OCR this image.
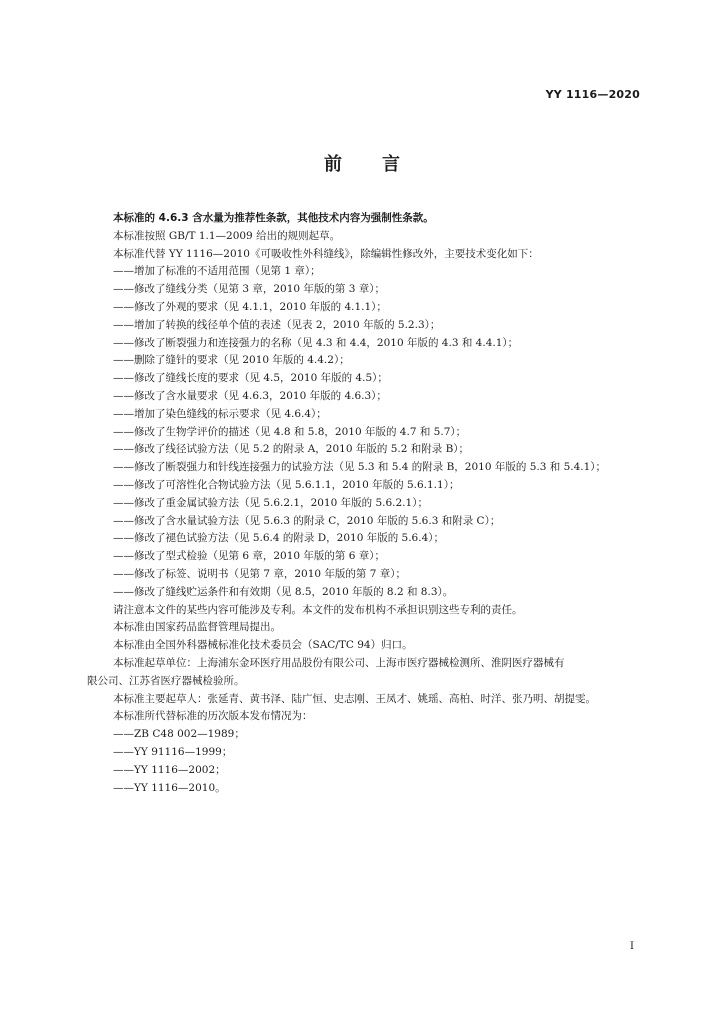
YY 1116—2020
前言

本标准的 4.6.3 含水量为推荐性条款，其他技术内容为强制性条款。

本标准按照 GB/T 1.1—2009 给出的规则起草。

本标准代替 YY 1116—2010《可吸收性外科缝线》，除编辑性修改外，主要技术变化如下：

——增加了标准的不适用范围（见第 1 章）；
——修改了缝线分类（见第 3 章，2010 年版的第 3 章）；
——修改了外观的要求（见 4.1.1，2010 年版的 4.1.1）；
——增加了转换的线径单个值的表述（见表 2，2010 年版的 5.2.3）；
——修改了断裂强力和连接强力的名称（见 4.3 和 4.4，2010 年版的 4.3 和 4.4.1）；
——删除了缝针的要求（见 2010 年版的 4.4.2）；
——修改了缝线长度的要求（见 4.5，2010 年版的 4.5）；
——修改了含水量要求（见 4.6.3，2010 年版的 4.6.3）；
——增加了染色缝线的标示要求（见 4.6.4）；
——修改了生物学评价的描述（见 4.8 和 5.8，2010 年版的 4.7 和 5.7）；
——修改了线径试验方法（见 5.2 的附录 A，2010 年版的 5.2 和附录 B）；
——修改了断裂强力和针线连接强力的试验方法（见 5.3 和 5.4 的附录 B，2010 年版的 5.3 和 5.4.1）；
——修改了可溶性化合物试验方法（见 5.6.1.1，2010 年版的 5.6.1.1）；
——修改了重金属试验方法（见 5.6.2.1，2010 年版的 5.6.2.1）；
——修改了含水量试验方法（见 5.6.3 的附录 C，2010 年版的 5.6.3 和附录 C）；
——修改了褪色试验方法（见 5.6.4 的附录 D，2010 年版的 5.6.4）；
——修改了型式检验（见第 6 章，2010 年版的第 6 章）；
——修改了标签、说明书（见第 7 章，2010 年版的第 7 章）；
——修改了缝线贮运条件和有效期（见 8.5，2010 年版的 8.2 和 8.3）。

请注意本文件的某些内容可能涉及专利。本文件的发布机构不承担识别这些专利的责任。

本标准由国家药品监督管理局提出。

本标准由全国外科器械标准化技术委员会（SAC/TC 94）归口。

本标准起草单位：上海浦东金环医疗用品股份有限公司、上海市医疗器械检测所、淮阴医疗器械有

限公司、江苏省医疗器械检验所。

本标准主要起草人：张延青、黄书泽、陆广恒、史志刚、王凤才、姚瑶、高柏、时洋、张乃明、胡提雯。

本标准所代替标准的历次版本发布情况为：

——ZB C48 002—1989；
——YY 91116—1999；
——YY 1116—2002；
——YY 1116—2010。
I
